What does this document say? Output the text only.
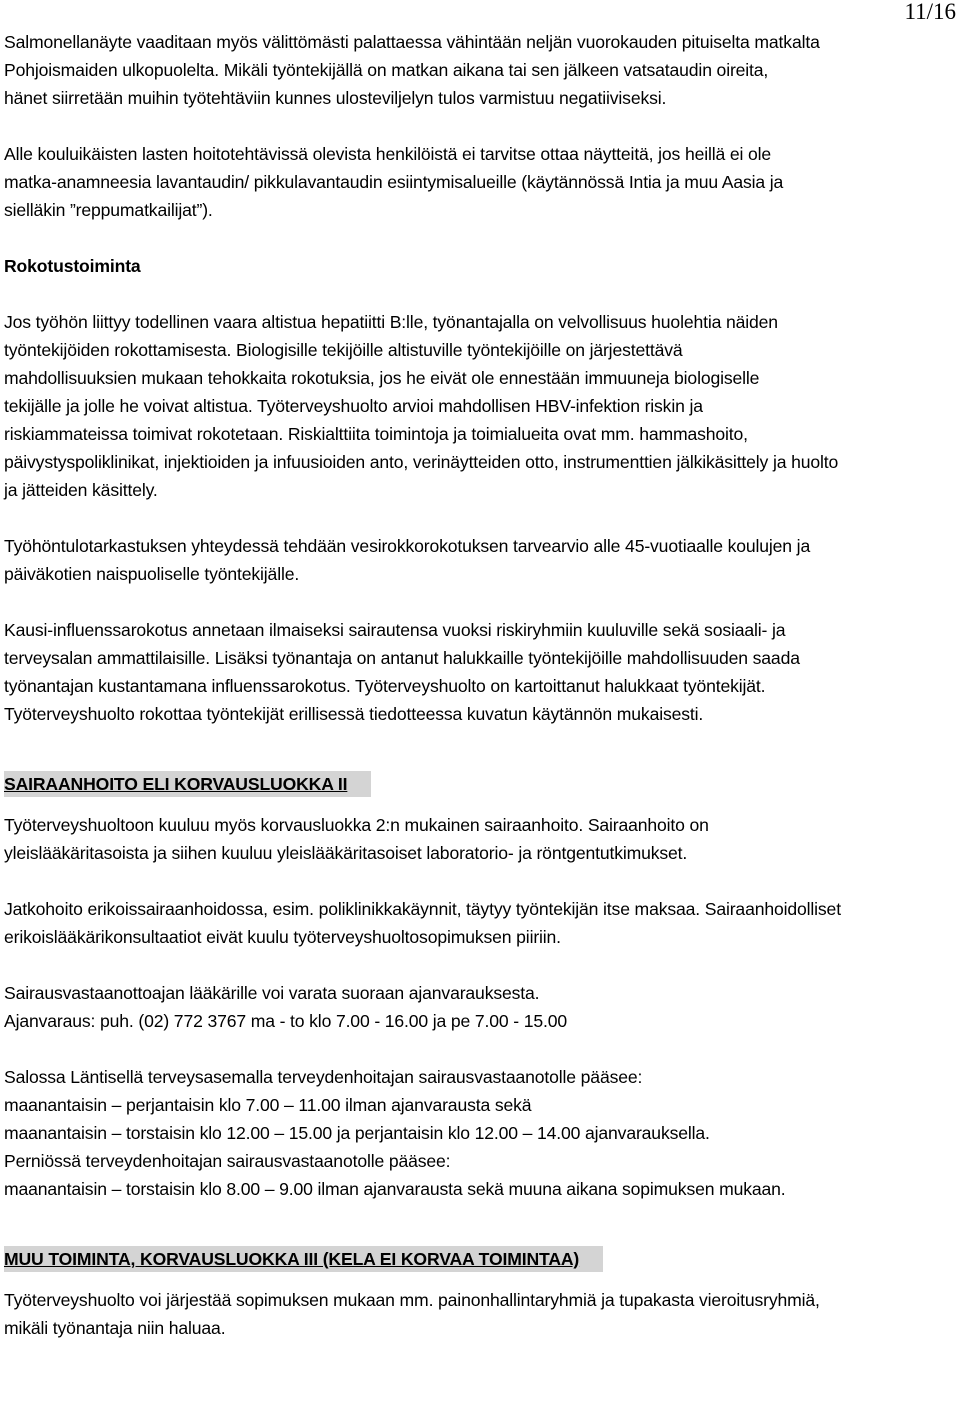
11/16

Salmonellanäyte vaaditaan myös välittömästi palattaessa vähintään neljän vuorokauden pituiselta matkalta

Pohjoismaiden ulkopuolelta. Mikäli työntekijällä on matkan aikana tai sen jälkeen vatsataudin oireita,

hänet siirretään muihin työtehtäviin kunnes ulosteviljelyn tulos varmistuu negatiiviseksi.

Alle kouluikäisten lasten hoitotehtävissä olevista henkilöistä ei tarvitse ottaa näytteitä, jos heillä ei ole

matka-anamneesia lavantaudin/ pikkulavantaudin esiintymisalueille (käytännössä Intia ja muu Aasia ja

sielläkin ”reppumatkailijat”).

Rokotustoiminta

Jos työhön liittyy todellinen vaara altistua hepatiitti B:lle, työnantajalla on velvollisuus huolehtia näiden

työntekijöiden rokottamisesta. Biologisille tekijöille altistuville työntekijöille on järjestettävä

mahdollisuuksien mukaan tehokkaita rokotuksia, jos he eivät ole ennestään immuuneja biologiselle

tekijälle ja jolle he voivat altistua. Työterveyshuolto arvioi mahdollisen HBV-infektion riskin ja

riskiammateissa toimivat rokotetaan. Riskialttiita toimintoja ja toimialueita ovat mm. hammashoito,

päivystyspoliklinikat, injektioiden ja infuusioiden anto, verinäytteiden otto, instrumenttien jälkikäsittely ja huolto

ja jätteiden käsittely.

Työhöntulotarkastuksen yhteydessä tehdään vesirokkorokotuksen tarvearvio alle 45-vuotiaalle koulujen ja

päiväkotien naispuoliselle työntekijälle.

Kausi-influenssarokotus annetaan ilmaiseksi sairautensa vuoksi riskiryhmiin kuuluville sekä sosiaali- ja

terveysalan ammattilaisille. Lisäksi työnantaja on antanut halukkaille työntekijöille mahdollisuuden saada

työnantajan kustantamana influenssarokotus. Työterveyshuolto on kartoittanut halukkaat työntekijät.

Työterveyshuolto rokottaa työntekijät erillisessä tiedotteessa kuvatun käytännön mukaisesti.

SAIRAANHOITO ELI KORVAUSLUOKKA II

Työterveyshuoltoon kuuluu myös korvausluokka 2:n mukainen sairaanhoito. Sairaanhoito on

yleislääkäritasoista ja siihen kuuluu yleislääkäritasoiset laboratorio- ja röntgentutkimukset.

Jatkohoito erikoissairaanhoidossa, esim. poliklinikkakäynnit, täytyy työntekijän itse maksaa. Sairaanhoidolliset

erikoislääkärikonsultaatiot eivät kuulu työterveyshuoltosopimuksen piiriin.

Sairausvastaanottoajan lääkärille voi varata suoraan ajanvarauksesta.

Ajanvaraus: puh. (02) 772 3767 ma - to klo 7.00 - 16.00 ja pe 7.00 - 15.00

Salossa Läntisellä terveysasemalla terveydenhoitajan sairausvastaanotolle pääsee:

maanantaisin – perjantaisin klo 7.00 – 11.00 ilman ajanvarausta sekä

maanantaisin – torstaisin klo 12.00 – 15.00 ja perjantaisin klo 12.00 – 14.00 ajanvarauksella.

Perniössä terveydenhoitajan sairausvastaanotolle pääsee:

maanantaisin – torstaisin klo 8.00 – 9.00 ilman ajanvarausta sekä muuna aikana sopimuksen mukaan.

MUU TOIMINTA, KORVAUSLUOKKA III (KELA EI KORVAA TOIMINTAA)

Työterveyshuolto voi järjestää sopimuksen mukaan mm. painonhallintaryhmiä ja tupakasta vieroitusryhmiä,

mikäli työnantaja niin haluaa.
